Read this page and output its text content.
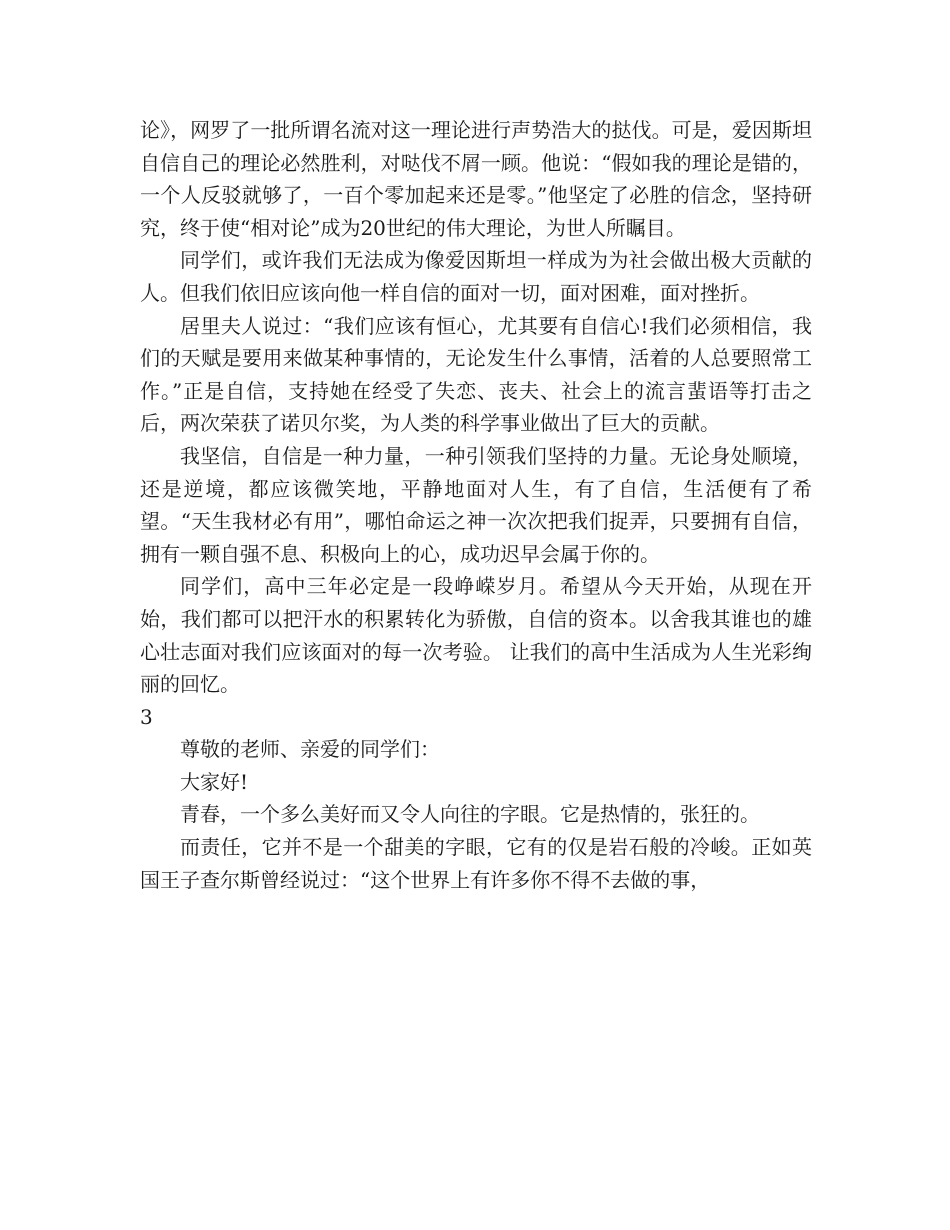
论》，网罗了一批所谓名流对这一理论进行声势浩大的挞伐。可是，爱因斯坦自信自己的理论必然胜利，对哒伐不屑一顾。他说：“假如我的理论是错的，一个人反驳就够了，一百个零加起来还是零。”他坚定了必胜的信念，坚持研究，终于使“相对论”成为20世纪的伟大理论，为世人所瞩目。

同学们，或许我们无法成为像爱因斯坦一样成为为社会做出极大贡献的人。但我们依旧应该向他一样自信的面对一切，面对困难，面对挫折。

居里夫人说过：“我们应该有恒心，尤其要有自信心!我们必须相信，我们的天赋是要用来做某种事情的，无论发生什么事情，活着的人总要照常工作。”正是自信，支持她在经受了失恋、丧夫、社会上的流言蜚语等打击之后，两次荣获了诺贝尔奖，为人类的科学事业做出了巨大的贡献。

我坚信，自信是一种力量，一种引领我们坚持的力量。无论身处顺境，还是逆境，都应该微笑地，平静地面对人生，有了自信，生活便有了希望。“天生我材必有用”，哪怕命运之神一次次把我们捉弄，只要拥有自信，拥有一颗自强不息、积极向上的心，成功迟早会属于你的。

同学们，高中三年必定是一段峥嵘岁月。希望从今天开始，从现在开始，我们都可以把汗水的积累转化为骄傲，自信的资本。以舍我其谁也的雄心壮志面对我们应该面对的每一次考验。 让我们的高中生活成为人生光彩绚丽的回忆。

3

尊敬的老师、亲爱的同学们：

大家好!

青春，一个多么美好而又令人向往的字眼。它是热情的，张狂的。

而责任，它并不是一个甜美的字眼，它有的仅是岩石般的冷峻。正如英国王子查尔斯曾经说过：“这个世界上有许多你不得不去做的事，
